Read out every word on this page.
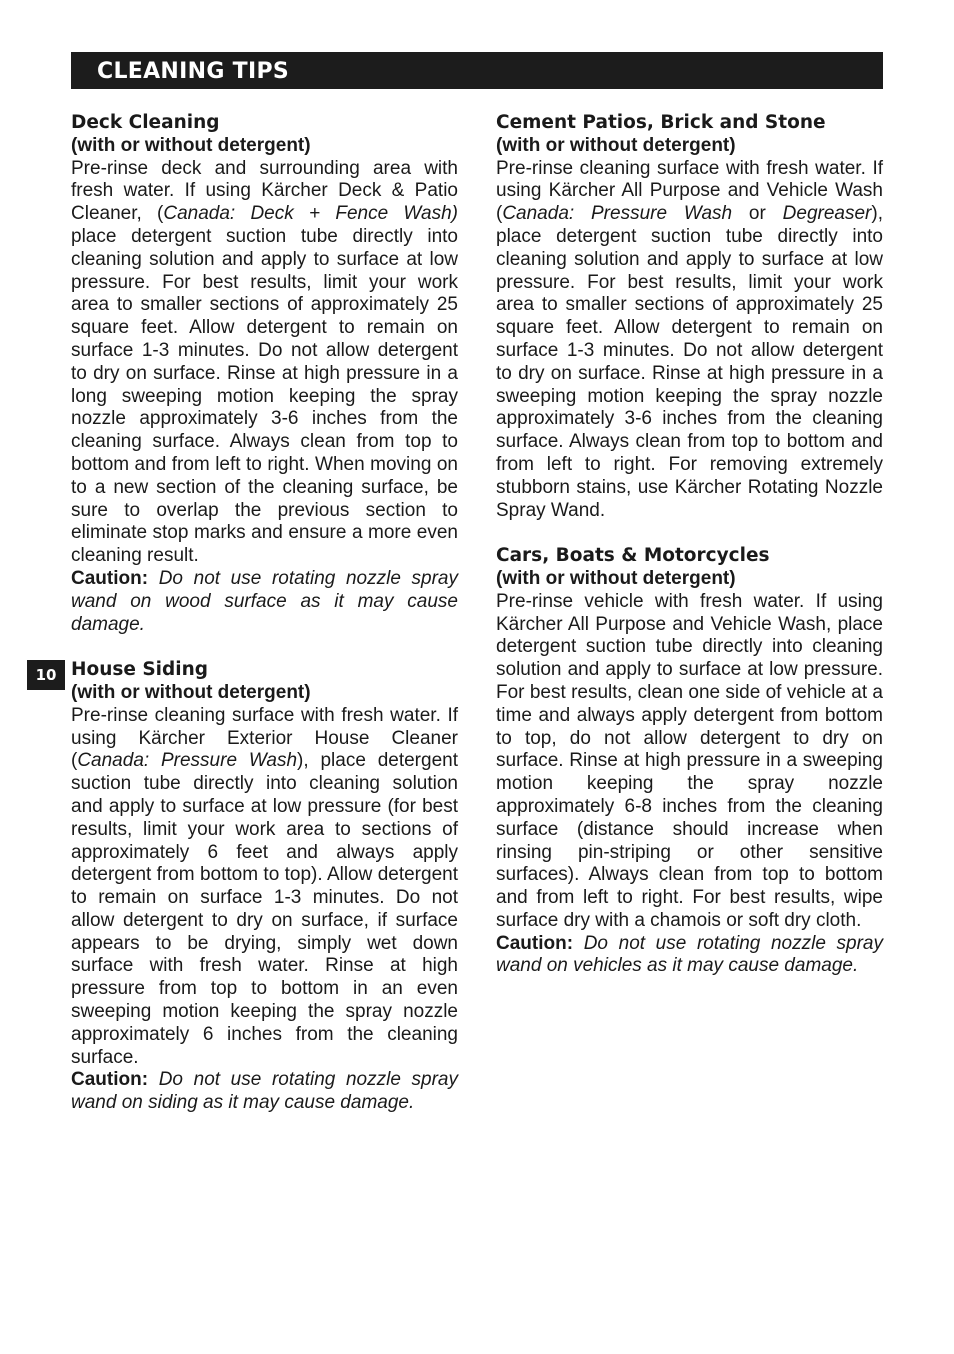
CLEANING TIPS
10
Deck Cleaning

(with or without detergent)

Pre-rinse deck and surrounding area with fresh water. If using Kärcher Deck & Patio Cleaner, (Canada: Deck + Fence Wash) place detergent suction tube directly into cleaning solution and apply to surface at low pressure. For best results, limit your work area to smaller sections of approximately 25 square feet. Allow detergent to remain on surface 1-3 minutes. Do not allow detergent to dry on surface. Rinse at high pressure in a long sweeping motion keeping the spray nozzle approximately 3-6 inches from the cleaning surface. Always clean from top to bottom and from left to right. When moving on to a new section of the cleaning surface, be sure to overlap the previous section to eliminate stop marks and ensure a more even cleaning result.

Caution: Do not use rotating nozzle spray wand on wood surface as it may cause damage.

House Siding

(with or without detergent)

Pre-rinse cleaning surface with fresh water. If using Kärcher Exterior House Cleaner (Canada: Pressure Wash), place detergent suction tube directly into cleaning solution and apply to surface at low pressure (for best results, limit your work area to sections of approximately 6 feet and always apply detergent from bottom to top). Allow detergent to remain on surface 1-3 minutes. Do not allow detergent to dry on surface, if surface appears to be drying, simply wet down surface with fresh water. Rinse at high pressure from top to bottom in an even sweeping motion keeping the spray nozzle approximately 6 inches from the cleaning surface.

Caution: Do not use rotating nozzle spray wand on siding as it may cause damage.

Cement Patios, Brick and Stone

(with or without detergent)

Pre-rinse cleaning surface with fresh water. If using Kärcher All Purpose and Vehicle Wash (Canada: Pressure Wash or Degreaser), place detergent suction tube directly into cleaning solution and apply to surface at low pressure. For best results, limit your work area to smaller sections of approximately 25 square feet. Allow detergent to remain on surface 1-3 minutes. Do not allow detergent to dry on surface. Rinse at high pressure in a sweeping motion keeping the spray nozzle approximately 3-6 inches from the cleaning surface. Always clean from top to bottom and from left to right. For removing extremely stubborn stains, use Kärcher Rotating Nozzle Spray Wand.

Cars, Boats & Motorcycles

(with or without detergent)

Pre-rinse vehicle with fresh water. If using Kärcher All Purpose and Vehicle Wash, place detergent suction tube directly into cleaning solution and apply to surface at low pressure. For best results, clean one side of vehicle at a time and always apply detergent from bottom to top, do not allow detergent to dry on surface. Rinse at high pressure in a sweeping motion keeping the spray nozzle approximately 6-8 inches from the cleaning surface (distance should increase when rinsing pin-striping or other sensitive surfaces). Always clean from top to bottom and from left to right. For best results, wipe surface dry with a chamois or soft dry cloth.

Caution: Do not use rotating nozzle spray wand on vehicles as it may cause damage.
